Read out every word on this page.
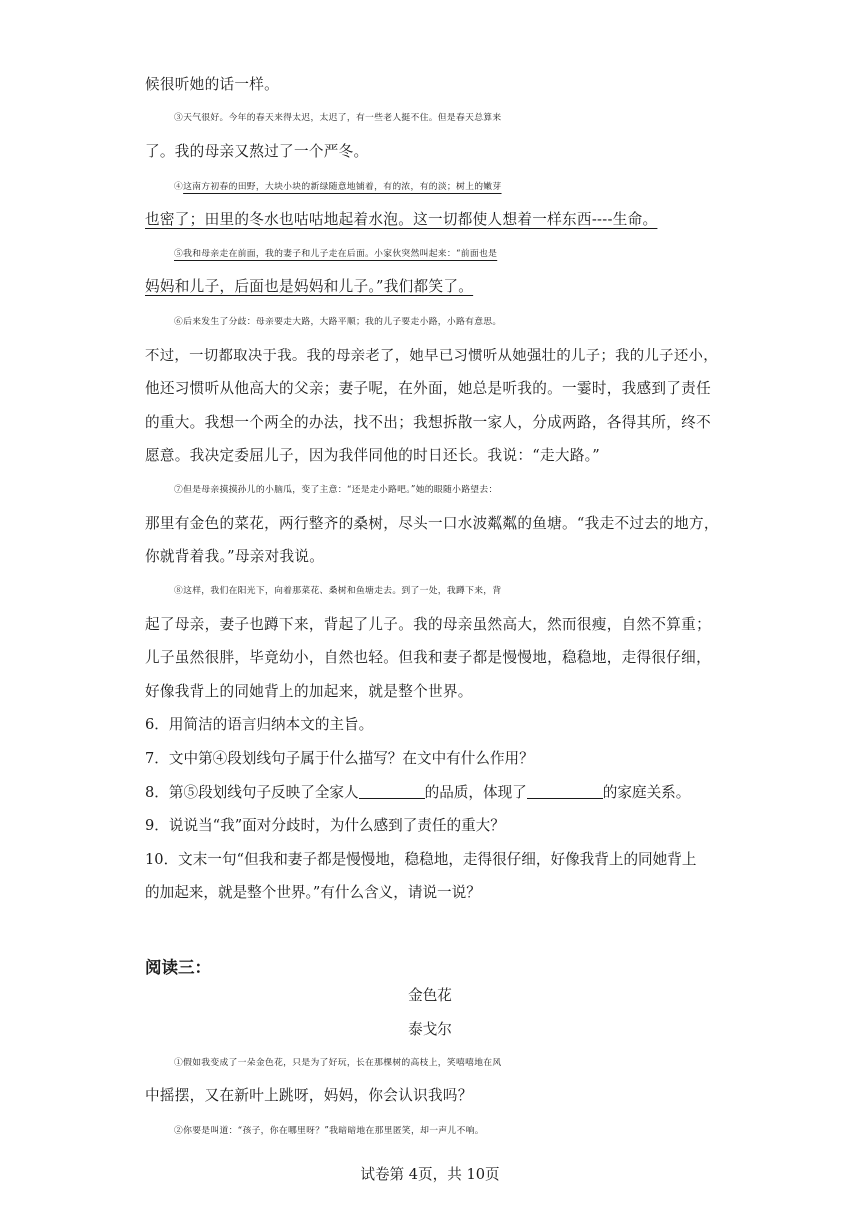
候很听她的话一样。
③天气很好。今年的春天来得太迟，太迟了，有一些老人挺不住。但是春天总算来
了。我的母亲又熬过了一个严冬。
④这南方初春的田野，大块小块的新绿随意地铺着，有的浓，有的淡；树上的嫩芽
也密了；田里的冬水也咕咕地起着水泡。这一切都使人想着一样东西----生命。
⑤我和母亲走在前面，我的妻子和儿子走在后面。小家伙突然叫起来：“前面也是
妈妈和儿子，后面也是妈妈和儿子。”我们都笑了。
⑥后来发生了分歧：母亲要走大路，大路平顺；我的儿子要走小路，小路有意思。
不过，一切都取决于我。我的母亲老了，她早已习惯听从她强壮的儿子；我的儿子还小，
他还习惯听从他高大的父亲；妻子呢，在外面，她总是听我的。一霎时，我感到了责任
的重大。我想一个两全的办法，找不出；我想拆散一家人，分成两路，各得其所，终不
愿意。我决定委屈儿子，因为我伴同他的时日还长。我说：“走大路。”
⑦但是母亲摸摸孙儿的小脑瓜，变了主意：“还是走小路吧。”她的眼随小路望去：
那里有金色的菜花，两行整齐的桑树，尽头一口水波粼粼的鱼塘。“我走不过去的地方，
你就背着我。”母亲对我说。
⑧这样，我们在阳光下，向着那菜花、桑树和鱼塘走去。到了一处，我蹲下来，背
起了母亲，妻子也蹲下来，背起了儿子。我的母亲虽然高大，然而很瘦，自然不算重；
儿子虽然很胖，毕竟幼小，自然也轻。但我和妻子都是慢慢地，稳稳地，走得很仔细，
好像我背上的同她背上的加起来，就是整个世界。
6．用简洁的语言归纳本文的主旨。
7．文中第④段划线句子属于什么描写？在文中有什么作用？
8．第⑤段划线句子反映了全家人	的品质，体现了	的家庭关系。
9．说说当“我”面对分歧时，为什么感到了责任的重大？
10．文末一句“但我和妻子都是慢慢地，稳稳地，走得很仔细，好像我背上的同她背上
的加起来，就是整个世界。”有什么含义，请说一说？
阅读三：
金色花
泰戈尔
①假如我变成了一朵金色花，只是为了好玩，长在那棵树的高枝上，笑嘻嘻地在风
中摇摆，又在新叶上跳呀，妈妈，你会认识我吗？
②你要是叫道：“孩子，你在哪里呀？”我暗暗地在那里匿笑，却一声儿不响。
试卷第 4页，共 10页
